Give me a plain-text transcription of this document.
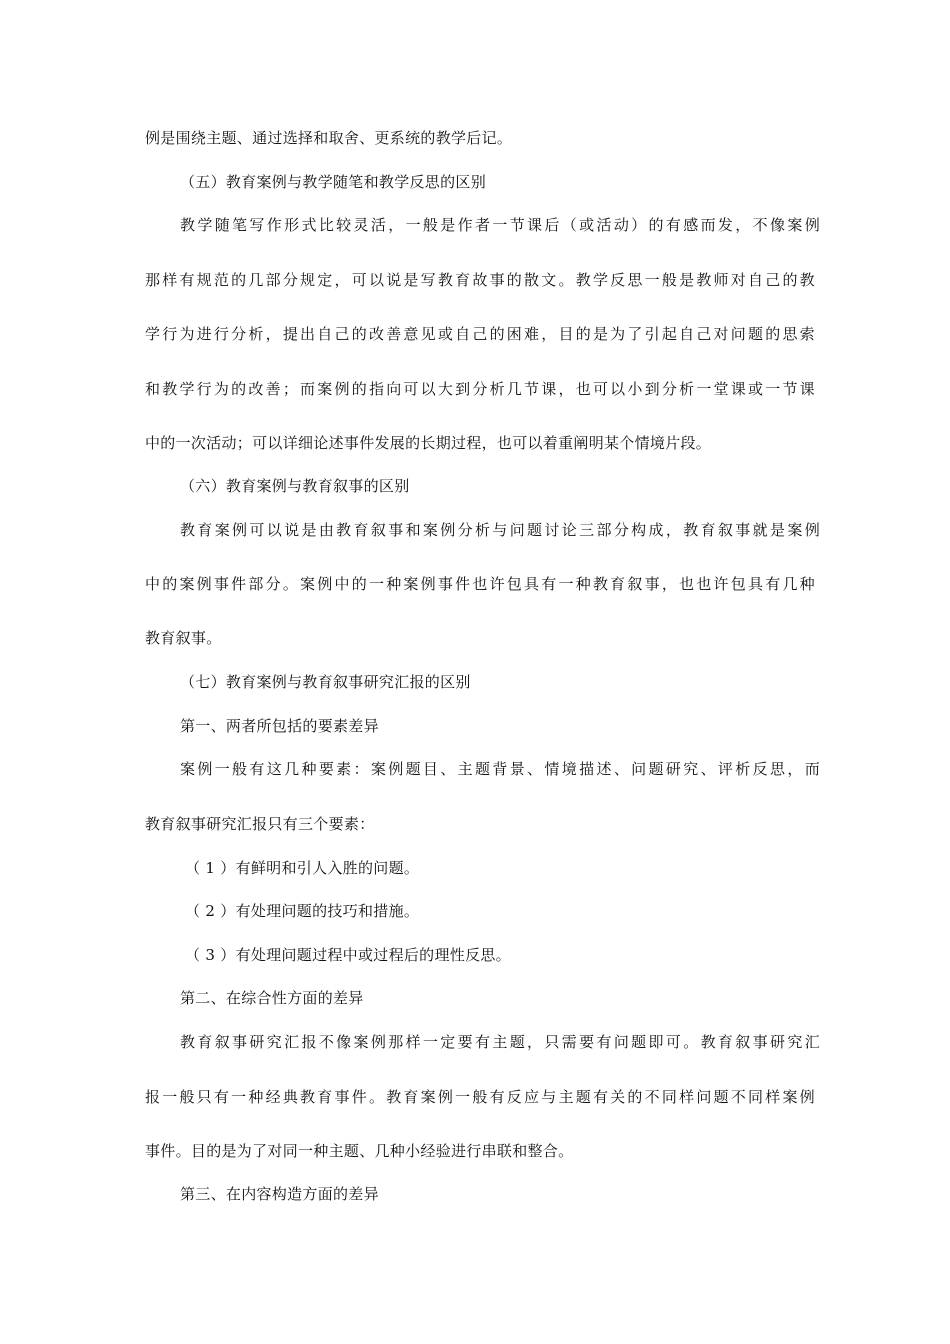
例是围绕主题、通过选择和取舍、更系统的教学后记。
（五）教育案例与教学随笔和教学反思的区别
教学随笔写作形式比较灵活，一般是作者一节课后（或活动）的有感而发，不像案例
那样有规范的几部分规定，可以说是写教育故事的散文。教学反思一般是教师对自己的教
学行为进行分析，提出自己的改善意见或自己的困难，目的是为了引起自己对问题的思索
和教学行为的改善；而案例的指向可以大到分析几节课，也可以小到分析一堂课或一节课
中的一次活动；可以详细论述事件发展的长期过程，也可以着重阐明某个情境片段。
（六）教育案例与教育叙事的区别
教育案例可以说是由教育叙事和案例分析与问题讨论三部分构成，教育叙事就是案例
中的案例事件部分。案例中的一种案例事件也许包具有一种教育叙事，也也许包具有几种
教育叙事。
（七）教育案例与教育叙事研究汇报的区别
第一、两者所包括的要素差异
案例一般有这几种要素：案例题目、主题背景、情境描述、问题研究、评析反思，而
教育叙事研究汇报只有三个要素：
（ 1 ）有鲜明和引人入胜的问题。
（ 2 ）有处理问题的技巧和措施。
（ 3 ）有处理问题过程中或过程后的理性反思。
第二、在综合性方面的差异
教育叙事研究汇报不像案例那样一定要有主题，只需要有问题即可。教育叙事研究汇
报一般只有一种经典教育事件。教育案例一般有反应与主题有关的不同样问题不同样案例
事件。目的是为了对同一种主题、几种小经验进行串联和整合。
第三、在内容构造方面的差异
